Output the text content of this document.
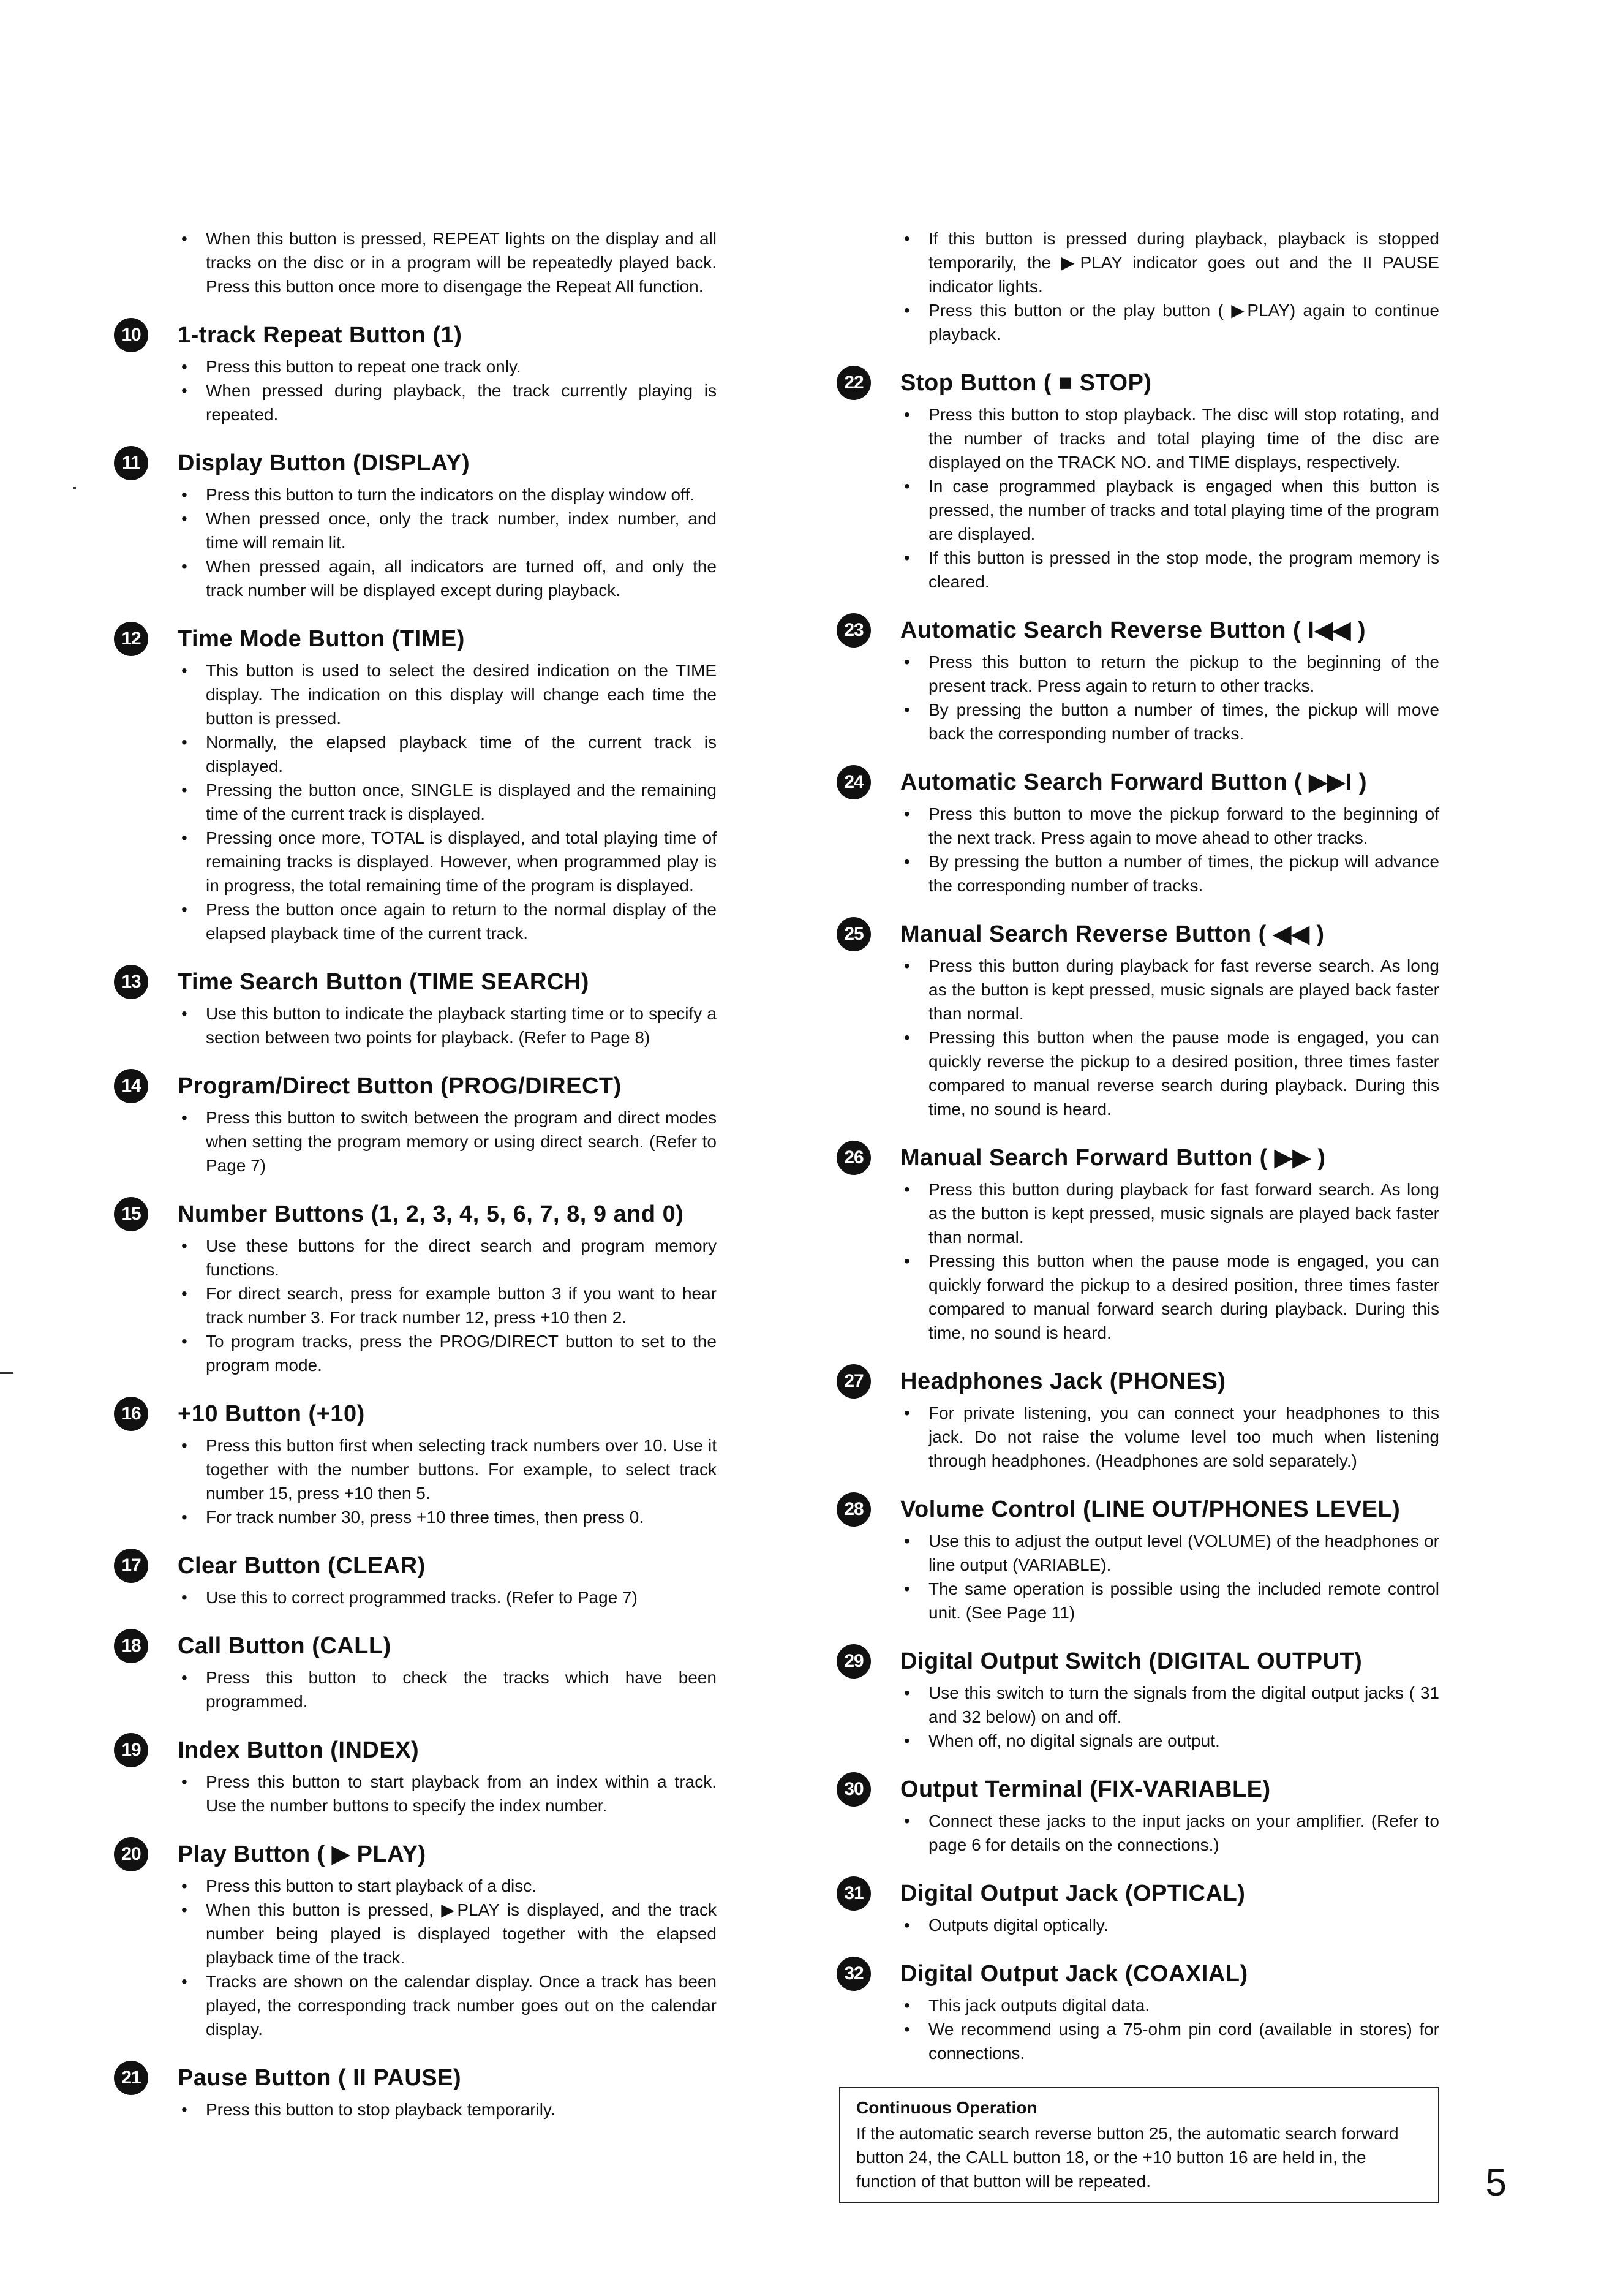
• When this button is pressed, REPEAT lights on the display and all tracks on the disc or in a program will be repeatedly played back. Press this button once more to disengage the Repeat All function.
10	1-track Repeat Button (1)
• Press this button to repeat one track only.
• When pressed during playback, the track currently playing is repeated.
11	Display Button (DISPLAY)
• Press this button to turn the indicators on the display window off.
• When pressed once, only the track number, index number, and time will remain lit.
• When pressed again, all indicators are turned off, and only the track number will be displayed except during playback.
12	Time Mode Button (TIME)
• This button is used to select the desired indication on the TIME display. The indication on this display will change each time the button is pressed.
• Normally, the elapsed playback time of the current track is displayed.
• Pressing the button once, SINGLE is displayed and the remaining time of the current track is displayed.
• Pressing once more, TOTAL is displayed, and total playing time of remaining tracks is displayed. However, when programmed play is in progress, the total remaining time of the program is displayed.
• Press the button once again to return to the normal display of the elapsed playback time of the current track.
13	Time Search Button (TIME SEARCH)
• Use this button to indicate the playback starting time or to specify a section between two points for playback. (Refer to Page 8)
14	Program/Direct Button (PROG/DIRECT)
• Press this button to switch between the program and direct modes when setting the program memory or using direct search. (Refer to Page 7)
15	Number Buttons (1, 2, 3, 4, 5, 6, 7, 8, 9 and 0)
• Use these buttons for the direct search and program memory functions.
• For direct search, press for example button 3 if you want to hear track number 3. For track number 12, press +10 then 2.
• To program tracks, press the PROG/DIRECT button to set to the program mode.
16	+10 Button (+10)
• Press this button first when selecting track numbers over 10. Use it together with the number buttons. For example, to select track number 15, press +10 then 5.
• For track number 30, press +10 three times, then press 0.
17	Clear Button (CLEAR)
• Use this to correct programmed tracks. (Refer to Page 7)
18	Call Button (CALL)
• Press this button to check the tracks which have been programmed.
19	Index Button (INDEX)
• Press this button to start playback from an index within a track. Use the number buttons to specify the index number.
20	Play Button ( ▶ PLAY)
• Press this button to start playback of a disc.
• When this button is pressed, ▶PLAY is displayed, and the track number being played is displayed together with the elapsed playback time of the track.
• Tracks are shown on the calendar display. Once a track has been played, the corresponding track number goes out on the calendar display.
21	Pause Button ( II PAUSE)
• Press this button to stop playback temporarily.
• If this button is pressed during playback, playback is stopped temporarily, the ▶PLAY indicator goes out and the II PAUSE indicator lights.
• Press this button or the play button ( ▶PLAY) again to continue playback.
22	Stop Button ( ■ STOP)
• Press this button to stop playback. The disc will stop rotating, and the number of tracks and total playing time of the disc are displayed on the TRACK NO. and TIME displays, respectively.
• In case programmed playback is engaged when this button is pressed, the number of tracks and total playing time of the program are displayed.
• If this button is pressed in the stop mode, the program memory is cleared.
23	Automatic Search Reverse Button ( I◀◀ )
• Press this button to return the pickup to the beginning of the present track. Press again to return to other tracks.
• By pressing the button a number of times, the pickup will move back the corresponding number of tracks.
24	Automatic Search Forward Button ( ▶▶I )
• Press this button to move the pickup forward to the beginning of the next track. Press again to move ahead to other tracks.
• By pressing the button a number of times, the pickup will advance the corresponding number of tracks.
25	Manual Search Reverse Button ( ◀◀ )
• Press this button during playback for fast reverse search. As long as the button is kept pressed, music signals are played back faster than normal.
• Pressing this button when the pause mode is engaged, you can quickly reverse the pickup to a desired position, three times faster compared to manual reverse search during playback. During this time, no sound is heard.
26	Manual Search Forward Button ( ▶▶ )
• Press this button during playback for fast forward search. As long as the button is kept pressed, music signals are played back faster than normal.
• Pressing this button when the pause mode is engaged, you can quickly forward the pickup to a desired position, three times faster compared to manual forward search during playback. During this time, no sound is heard.
27	Headphones Jack (PHONES)
• For private listening, you can connect your headphones to this jack. Do not raise the volume level too much when listening through headphones. (Headphones are sold separately.)
28	Volume Control (LINE OUT/PHONES LEVEL)
• Use this to adjust the output level (VOLUME) of the headphones or line output (VARIABLE).
• The same operation is possible using the included remote control unit. (See Page 11)
29	Digital Output Switch (DIGITAL OUTPUT)
• Use this switch to turn the signals from the digital output jacks ( 31 and 32 below) on and off.
• When off, no digital signals are output.
30	Output Terminal (FIX-VARIABLE)
• Connect these jacks to the input jacks on your amplifier. (Refer to page 6 for details on the connections.)
31	Digital Output Jack (OPTICAL)
• Outputs digital optically.
32	Digital Output Jack (COAXIAL)
• This jack outputs digital data.
• We recommend using a 75-ohm pin cord (available in stores) for connections.
Continuous Operation

If the automatic search reverse button 25, the automatic search forward button 24, the CALL button 18, or the +10 button 16 are held in, the function of that button will be repeated.	5
